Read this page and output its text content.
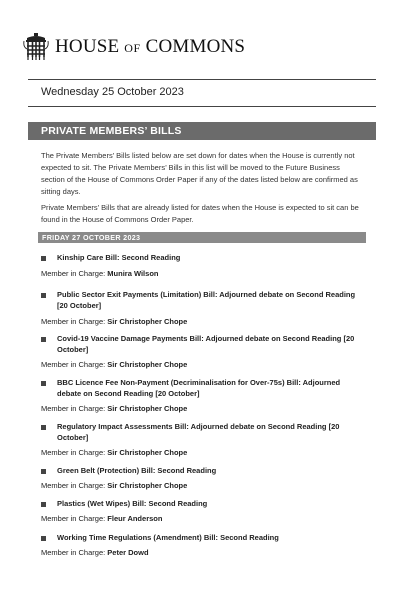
HOUSE OF COMMONS
Wednesday 25 October 2023
PRIVATE MEMBERS’ BILLS

The Private Members’ Bills listed below are set down for dates when the House is currently not expected to sit. The Private Members’ Bills in this list will be moved to the Future Business section of the House of Commons Order Paper if any of the dates listed below are confirmed as sitting days.

Private Members’ Bills that are already listed for dates when the House is expected to sit can be found in the House of Commons Order Paper.

FRIDAY 27 OCTOBER 2023
Kinship Care Bill: Second Reading
Member in Charge: Munira Wilson
Public Sector Exit Payments (Limitation) Bill: Adjourned debate on Second Reading [20 October]
Member in Charge: Sir Christopher Chope
Covid-19 Vaccine Damage Payments Bill: Adjourned debate on Second Reading [20 October]
Member in Charge: Sir Christopher Chope
BBC Licence Fee Non-Payment (Decriminalisation for Over-75s) Bill: Adjourned debate on Second Reading [20 October]
Member in Charge: Sir Christopher Chope
Regulatory Impact Assessments Bill: Adjourned debate on Second Reading [20 October]
Member in Charge: Sir Christopher Chope
Green Belt (Protection) Bill: Second Reading
Member in Charge: Sir Christopher Chope
Plastics (Wet Wipes) Bill: Second Reading
Member in Charge: Fleur Anderson
Working Time Regulations (Amendment) Bill: Second Reading
Member in Charge: Peter Dowd
